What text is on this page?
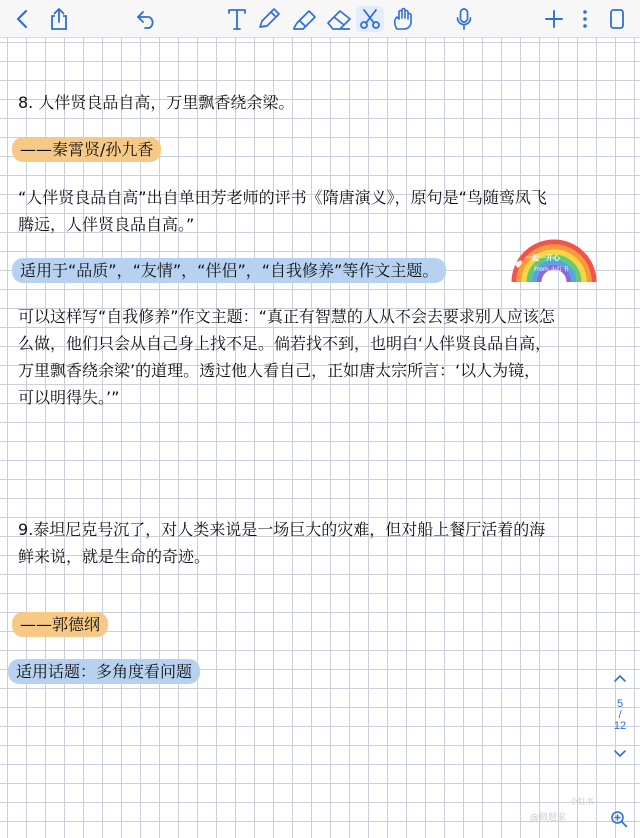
8. 人伴贤良品自高，万里飘香绕余梁。
——秦霄贤/孙九香
“人伴贤良品自高”出自单田芳老师的评书《隋唐演义》，原句是“鸟随鸾凤飞
腾远，人伴贤良品自高。”
适用于“品质”，“友情”，“伴侣”，“自我修养”等作文主题。
可以这样写“自我修养”作文主题：“真正有智慧的人从不会去要求别人应该怎
么做，他们只会从自己身上找不足。倘若找不到，也明白‘人伴贤良品自高，
万里飘香绕余梁’的道理。透过他人看自己，正如唐太宗所言：‘以人为镜，
可以明得失。’”
9.泰坦尼克号沉了，对人类来说是一场巨大的灾难，但对船上餐厅活着的海
鲜来说，就是生命的奇迹。
——郭德纲
适用话题：多角度看问题
一起一开心
From 小红书
5
/
12
小红书
@做题家
